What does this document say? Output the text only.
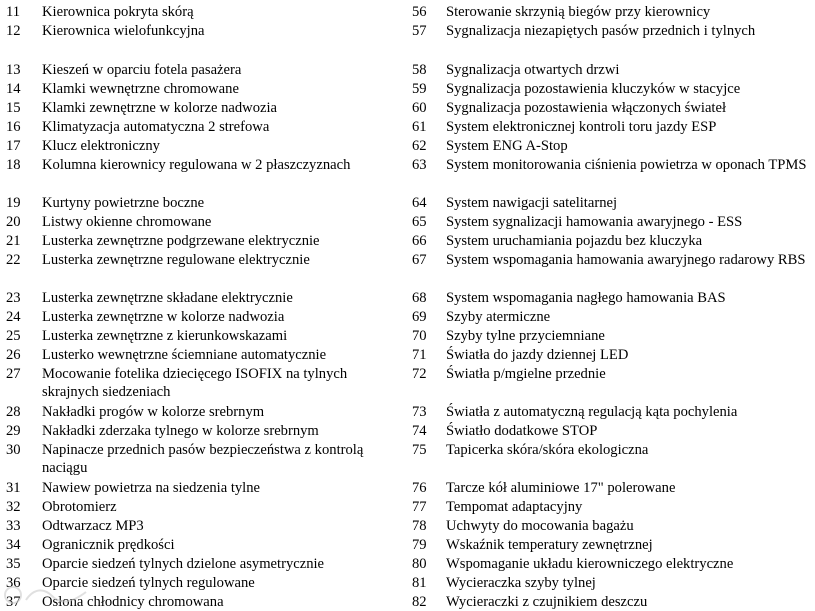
11	Kierownica pokryta skórą
12	Kierownica wielofunkcyjna
13	Kieszeń w oparciu fotela pasażera
14	Klamki wewnętrzne chromowane
15	Klamki zewnętrzne w kolorze nadwozia
16	Klimatyzacja automatyczna 2 strefowa
17	Klucz elektroniczny
18	Kolumna kierownicy regulowana w 2 płaszczyznach
19	Kurtyny powietrzne boczne
20	Listwy okienne chromowane
21	Lusterka zewnętrzne podgrzewane elektrycznie
22	Lusterka zewnętrzne regulowane elektrycznie
23	Lusterka zewnętrzne składane elektrycznie
24	Lusterka zewnętrzne w kolorze nadwozia
25	Lusterka zewnętrzne z kierunkowskazami
26	Lusterko wewnętrzne ściemniane automatycznie
27	Mocowanie fotelika dziecięcego ISOFIX na tylnych skrajnych siedzeniach
28	Nakładki progów w kolorze srebrnym
29	Nakładki zderzaka tylnego w kolorze srebrnym
30	Napinacze przednich pasów bezpieczeństwa z kontrolą naciągu
31	Nawiew powietrza na siedzenia tylne
32	Obrotomierz
33	Odtwarzacz MP3
34	Ogranicznik prędkości
35	Oparcie siedzeń tylnych dzielone asymetrycznie
36	Oparcie siedzeń tylnych regulowane
37	Osłona chłodnicy chromowana
56	Sterowanie skrzynią biegów przy kierownicy
57	Sygnalizacja niezapiętych pasów przednich i tylnych
58	Sygnalizacja otwartych drzwi
59	Sygnalizacja pozostawienia kluczyków w stacyjce
60	Sygnalizacja pozostawienia włączonych świateł
61	System elektronicznej kontroli toru jazdy ESP
62	System ENG A-Stop
63	System monitorowania ciśnienia powietrza w oponach TPMS
64	System nawigacji satelitarnej
65	System sygnalizacji hamowania awaryjnego - ESS
66	System uruchamiania pojazdu bez kluczyka
67	System wspomagania hamowania awaryjnego radarowy RBS
68	System wspomagania nagłego hamowania BAS
69	Szyby atermiczne
70	Szyby tylne przyciemniane
71	Światła do jazdy dziennej LED
72	Światła p/mgielne przednie
73	Światła z automatyczną regulacją kąta pochylenia
74	Światło dodatkowe STOP
75	Tapicerka skóra/skóra ekologiczna
76	Tarcze kół aluminiowe 17" polerowane
77	Tempomat adaptacyjny
78	Uchwyty do mocowania bagażu
79	Wskaźnik temperatury zewnętrznej
80	Wspomaganie układu kierowniczego elektryczne
81	Wycieraczka szyby tylnej
82	Wycieraczki z czujnikiem deszczu
